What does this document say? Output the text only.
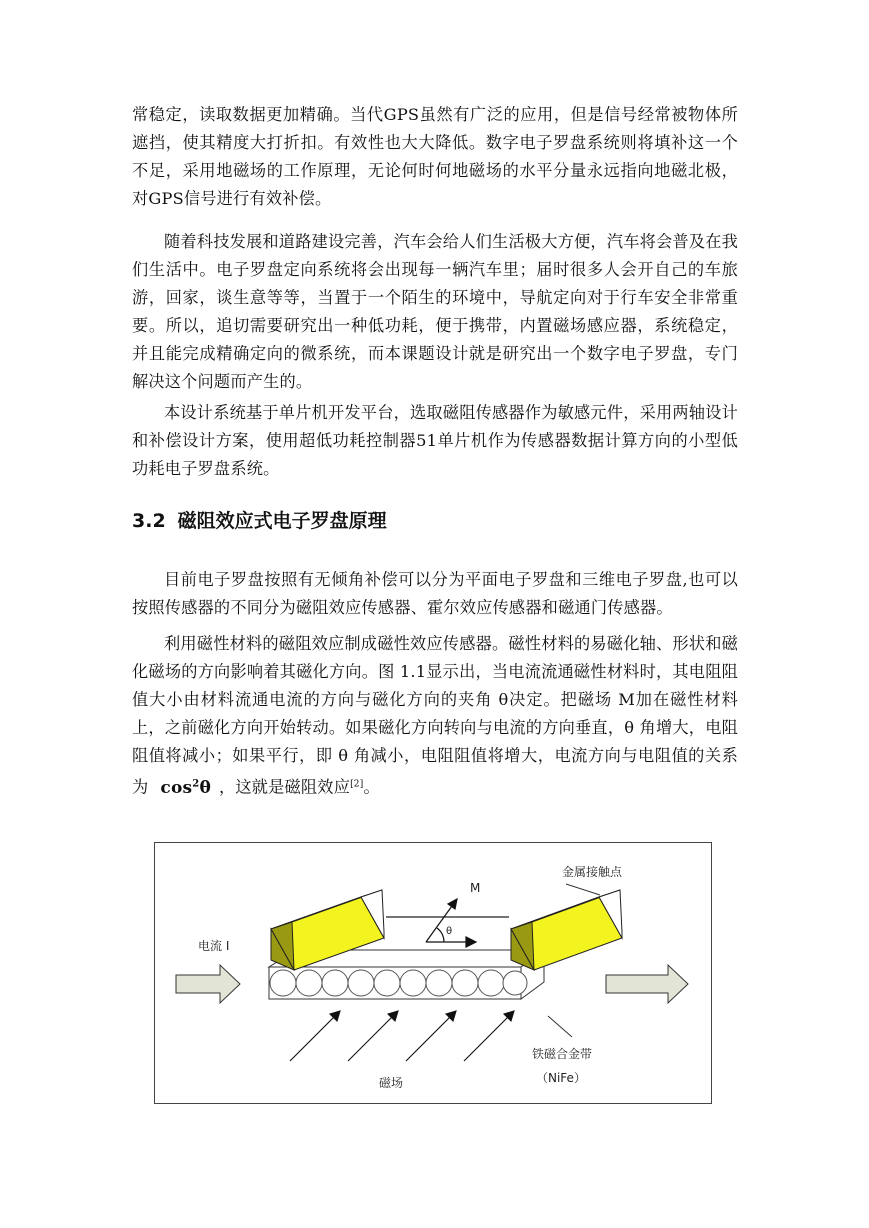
常稳定，读取数据更加精确。当代GPS虽然有广泛的应用，但是信号经常被物体所遮挡，使其精度大打折扣。有效性也大大降低。数字电子罗盘系统则将填补这一个不足，采用地磁场的工作原理，无论何时何地磁场的水平分量永远指向地磁北极，对GPS信号进行有效补偿。
随着科技发展和道路建设完善，汽车会给人们生活极大方便，汽车将会普及在我们生活中。电子罗盘定向系统将会出现每一辆汽车里；届时很多人会开自己的车旅游，回家，谈生意等等，当置于一个陌生的环境中，导航定向对于行车安全非常重要。所以，追切需要研究出一种低功耗，便于携带，内置磁场感应器，系统稳定，并且能完成精确定向的微系统，而本课题设计就是研究出一个数字电子罗盘，专门解决这个问题而产生的。
本设计系统基于单片机开发平台，选取磁阻传感器作为敏感元件，采用两轴设计和补偿设计方案，使用超低功耗控制器51单片机作为传感器数据计算方向的小型低功耗电子罗盘系统。
3.2 磁阻效应式电子罗盘原理
目前电子罗盘按照有无倾角补偿可以分为平面电子罗盘和三维电子罗盘,也可以按照传感器的不同分为磁阻效应传感器、霍尔效应传感器和磁通门传感器。
利用磁性材料的磁阻效应制成磁性效应传感器。磁性材料的易磁化轴、形状和磁化磁场的方向影响着其磁化方向。图 1.1显示出，当电流流通磁性材料时，其电阻阻值大小由材料流通电流的方向与磁化方向的夹角 θ决定。把磁场 M加在磁性材料上，之前磁化方向开始转动。如果磁化方向转向与电流的方向垂直，θ 角增大，电阻阻值将减小；如果平行，即 θ 角减小，电阻阻值将增大，电流方向与电阻值的关系为 $\cos^2\theta$ ，这就是磁阻效应[2]。
电流 I
金属接触点
M
θ
磁场
铁磁合金带
（NiFe）
